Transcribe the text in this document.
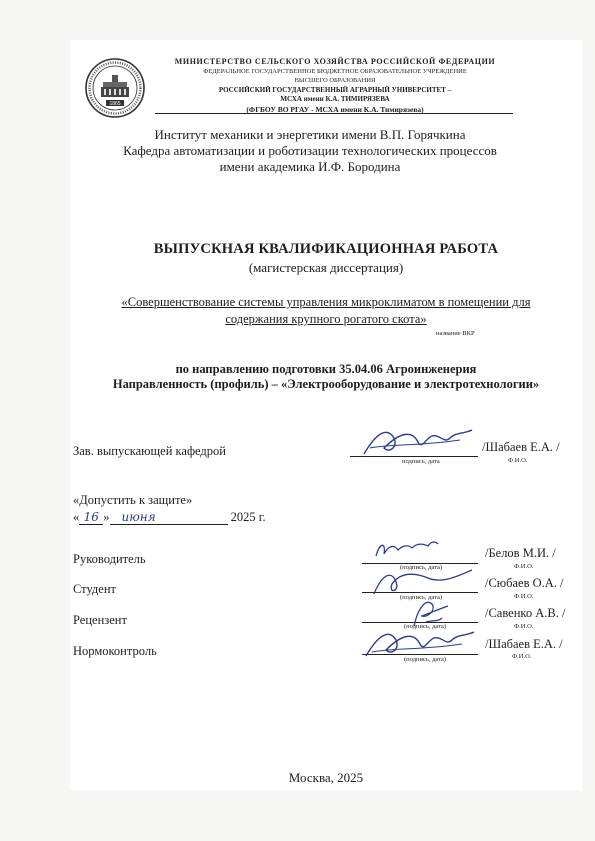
1865
МИНИСТЕРСТВО СЕЛЬСКОГО ХОЗЯЙСТВА РОССИЙСКОЙ ФЕДЕРАЦИИ
ФЕДЕРАЛЬНОЕ ГОСУДАРСТВЕННОЕ БЮДЖЕТНОЕ ОБРАЗОВАТЕЛЬНОЕ УЧРЕЖДЕНИЕ
ВЫСШЕГО ОБРАЗОВАНИЯ
РОССИЙСКИЙ ГОСУДАРСТВЕННЫЙ АГРАРНЫЙ УНИВЕРСИТЕТ –
МСХА имени К.А. ТИМИРЯЗЕВА
(ФГБОУ ВО РГАУ - МСХА имени К.А. Тимирязева)
Институт механики и энергетики имени В.П. Горячкина
Кафедра автоматизации и роботизации технологических процессов
имени академика И.Ф. Бородина
ВЫПУСКНАЯ КВАЛИФИКАЦИОННАЯ РАБОТА
(магистерская диссертация)
«Совершенствование системы управления микроклиматом в помещении для
содержания крупного рогатого скота»
название ВКР
по направлению подготовки 35.04.06 Агроинженерия
Направленность (профиль) – «Электрооборудование и электротехнологии»
Зав. выпускающей кафедрой
подпись, дата
/Шабаев Е.А. /
Ф.И.О.
«Допустить к защите»
« 16 » июня	2025 г.
Руководитель
(подпись, дата)
/Белов М.И. /
Ф.И.О.
Студент
(подпись, дата)
/Сюбаев О.А. /
Ф.И.О.
Рецензент	(подпись, дата)
/Савенко А.В. /
Ф.И.О.
Нормоконтроль
(подпись, дата)
/Шабаев Е.А. /
Ф.И.О.
Москва, 2025
